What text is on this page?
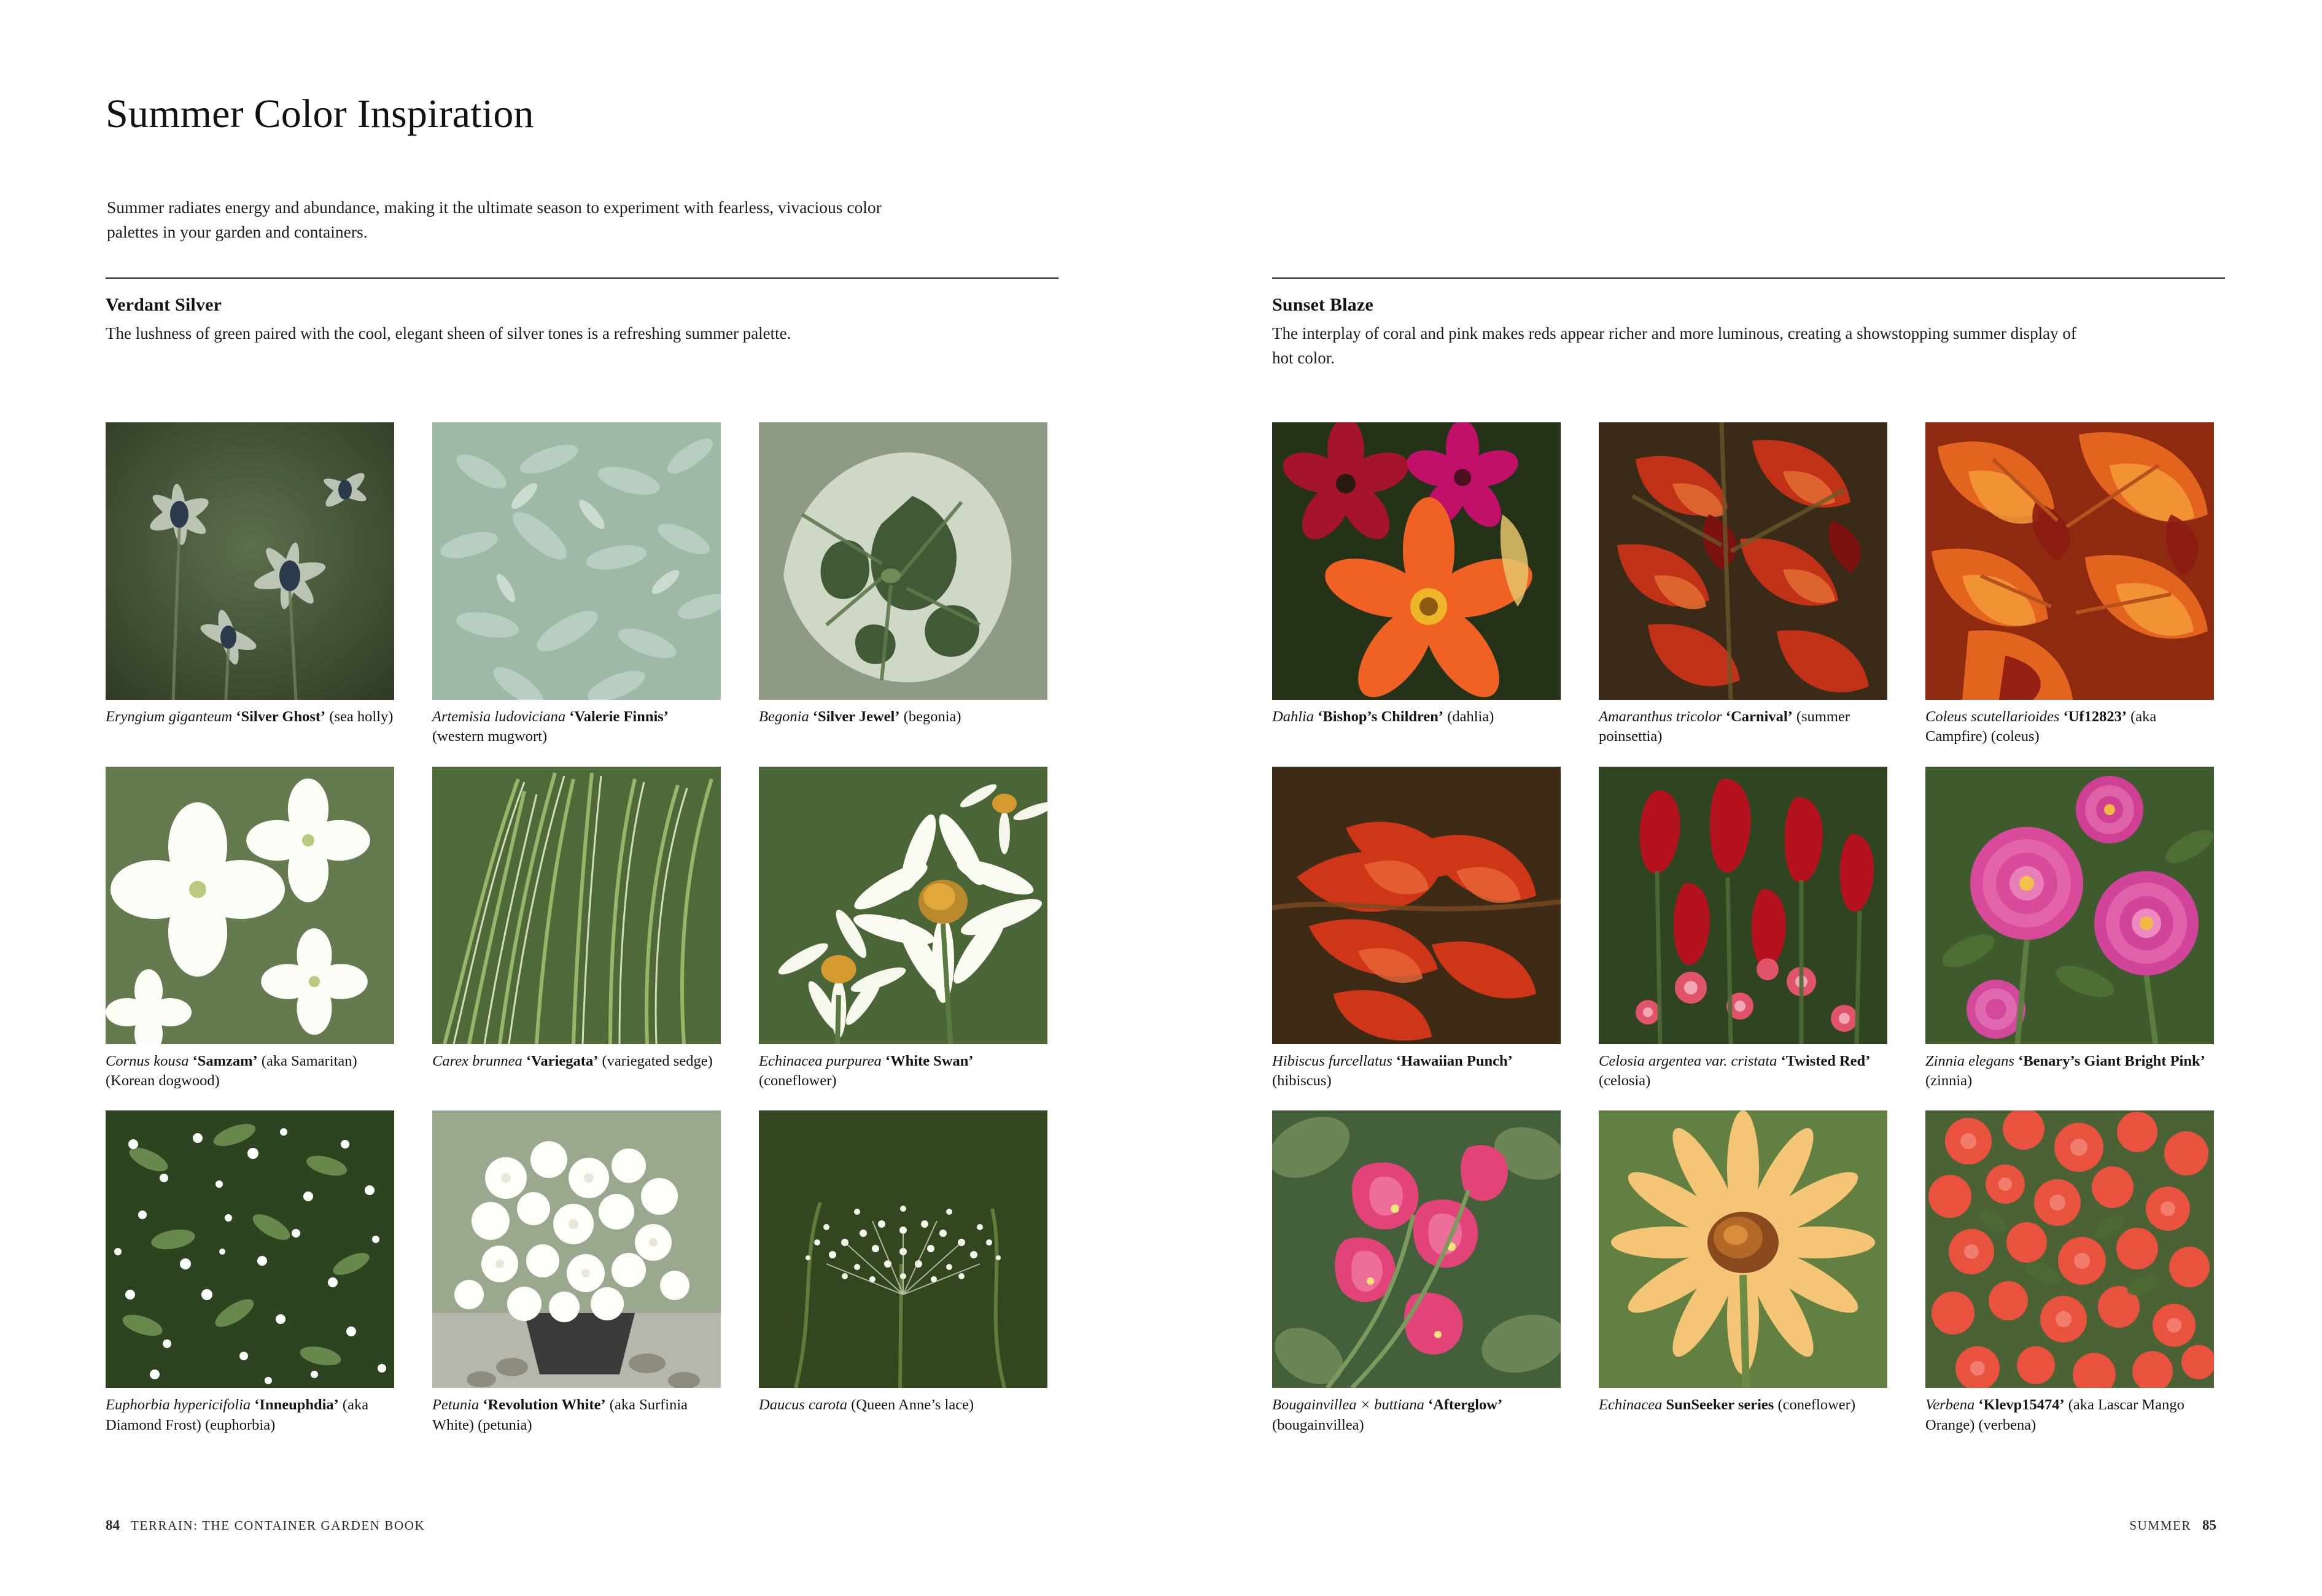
Summer Color Inspiration

Summer radiates energy and abundance, making it the ultimate season to experiment with fearless, vivacious color palettes in your garden and containers.

Verdant Silver

The lushness of green paired with the cool, elegant sheen of silver tones is a refreshing summer palette.

Eryngium giganteum ‘Silver Ghost’ (sea holly)	Artemisia ludoviciana ‘Valerie Finnis’ (western mugwort)
Begonia ‘Silver Jewel’ (begonia)
Cornus kousa ‘Samzam’ (aka Samaritan) (Korean dogwood)
Carex brunnea ‘Variegata’ (variegated sedge)	Echinacea purpurea ‘White Swan’ (coneflower)
Euphorbia hypericifolia ‘Inneuphdia’ (aka Diamond Frost) (euphorbia)
Petunia ‘Revolution White’ (aka Surfinia White) (petunia)
Daucus carota (Queen Anne’s lace)
Sunset Blaze

The interplay of coral and pink makes reds appear richer and more luminous, creating a showstopping summer display of hot color.

Dahlia ‘Bishop’s Children’ (dahlia)	Amaranthus tricolor ‘Carnival’ (summer poinsettia)
Coleus scutellarioides ‘Uf12823’ (aka Campfire) (coleus)
Hibiscus furcellatus ‘Hawaiian Punch’ (hibiscus)
Celosia argentea var. cristata ‘Twisted Red’ (celosia)
Zinnia elegans ‘Benary’s Giant Bright Pink’ (zinnia)
Bougainvillea × buttiana ‘Afterglow’ (bougainvillea)
Echinacea SunSeeker series (coneflower)	Verbena ‘Klevp15474’ (aka Lascar Mango Orange) (verbena)
84 TERRAIN: THE CONTAINER GARDEN BOOK	SUMMER 85
